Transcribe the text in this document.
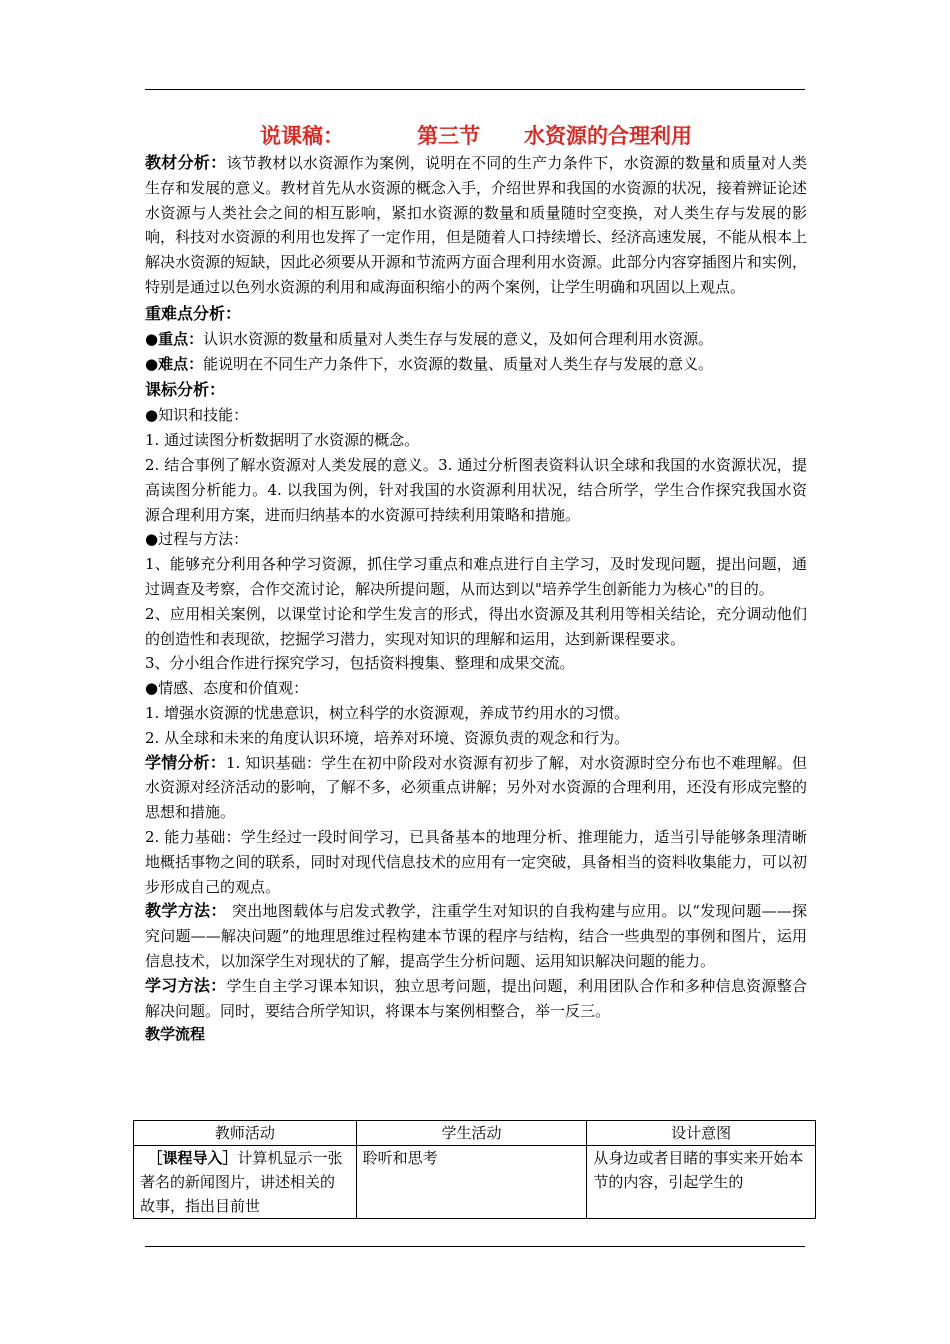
说课稿：	第三节 水资源的合理利用

教材分析：该节教材以水资源作为案例，说明在不同的生产力条件下，水资源的数量和质量对人类生存和发展的意义。教材首先从水资源的概念入手，介绍世界和我国的水资源的状况，接着辨证论述水资源与人类社会之间的相互影响，紧扣水资源的数量和质量随时空变换，对人类生存与发展的影响，科技对水资源的利用也发挥了一定作用，但是随着人口持续增长、经济高速发展，不能从根本上解决水资源的短缺，因此必须要从开源和节流两方面合理利用水资源。此部分内容穿插图片和实例，特别是通过以色列水资源的利用和咸海面积缩小的两个案例，让学生明确和巩固以上观点。

重难点分析：

●重点：认识水资源的数量和质量对人类生存与发展的意义，及如何合理利用水资源。

●难点：能说明在不同生产力条件下，水资源的数量、质量对人类生存与发展的意义。

课标分析：

●知识和技能：

1. 通过读图分析数据明了水资源的概念。

2. 结合事例了解水资源对人类发展的意义。3. 通过分析图表资料认识全球和我国的水资源状况，提高读图分析能力。4. 以我国为例，针对我国的水资源利用状况，结合所学，学生合作探究我国水资源合理利用方案，进而归纳基本的水资源可持续利用策略和措施。

●过程与方法：

1、能够充分利用各种学习资源，抓住学习重点和难点进行自主学习，及时发现问题，提出问题，通过调查及考察，合作交流讨论，解决所提问题，从而达到以"培养学生创新能力为核心"的目的。

2、应用相关案例，以课堂讨论和学生发言的形式，得出水资源及其利用等相关结论，充分调动他们的创造性和表现欲，挖掘学习潜力，实现对知识的理解和运用，达到新课程要求。

3、分小组合作进行探究学习，包括资料搜集、整理和成果交流。

●情感、态度和价值观：

1. 增强水资源的忧患意识，树立科学的水资源观，养成节约用水的习惯。

2. 从全球和未来的角度认识环境，培养对环境、资源负责的观念和行为。

学情分析：1. 知识基础：学生在初中阶段对水资源有初步了解，对水资源时空分布也不难理解。但水资源对经济活动的影响，了解不多，必须重点讲解；另外对水资源的合理利用，还没有形成完整的思想和措施。

2. 能力基础：学生经过一段时间学习，已具备基本的地理分析、推理能力，适当引导能够条理清晰地概括事物之间的联系，同时对现代信息技术的应用有一定突破，具备相当的资料收集能力，可以初步形成自己的观点。

教学方法： 突出地图载体与启发式教学，注重学生对知识的自我构建与应用。以“发现问题——探究问题——解决问题”的地理思维过程构建本节课的程序与结构，结合一些典型的事例和图片，运用信息技术，以加深学生对现状的了解，提高学生分析问题、运用知识解决问题的能力。

学习方法：学生自主学习课本知识，独立思考问题，提出问题，利用团队合作和多种信息资源整合解决问题。同时，要结合所学知识，将课本与案例相整合，举一反三。

教学流程

教师活动	学生活动	设计意图

　［课程导入］计算机显示一张著名的新闻图片，讲述相关的故事，指出目前世	聆听和思考	从身边或者目睹的事实来开始本节的内容，引起学生的
